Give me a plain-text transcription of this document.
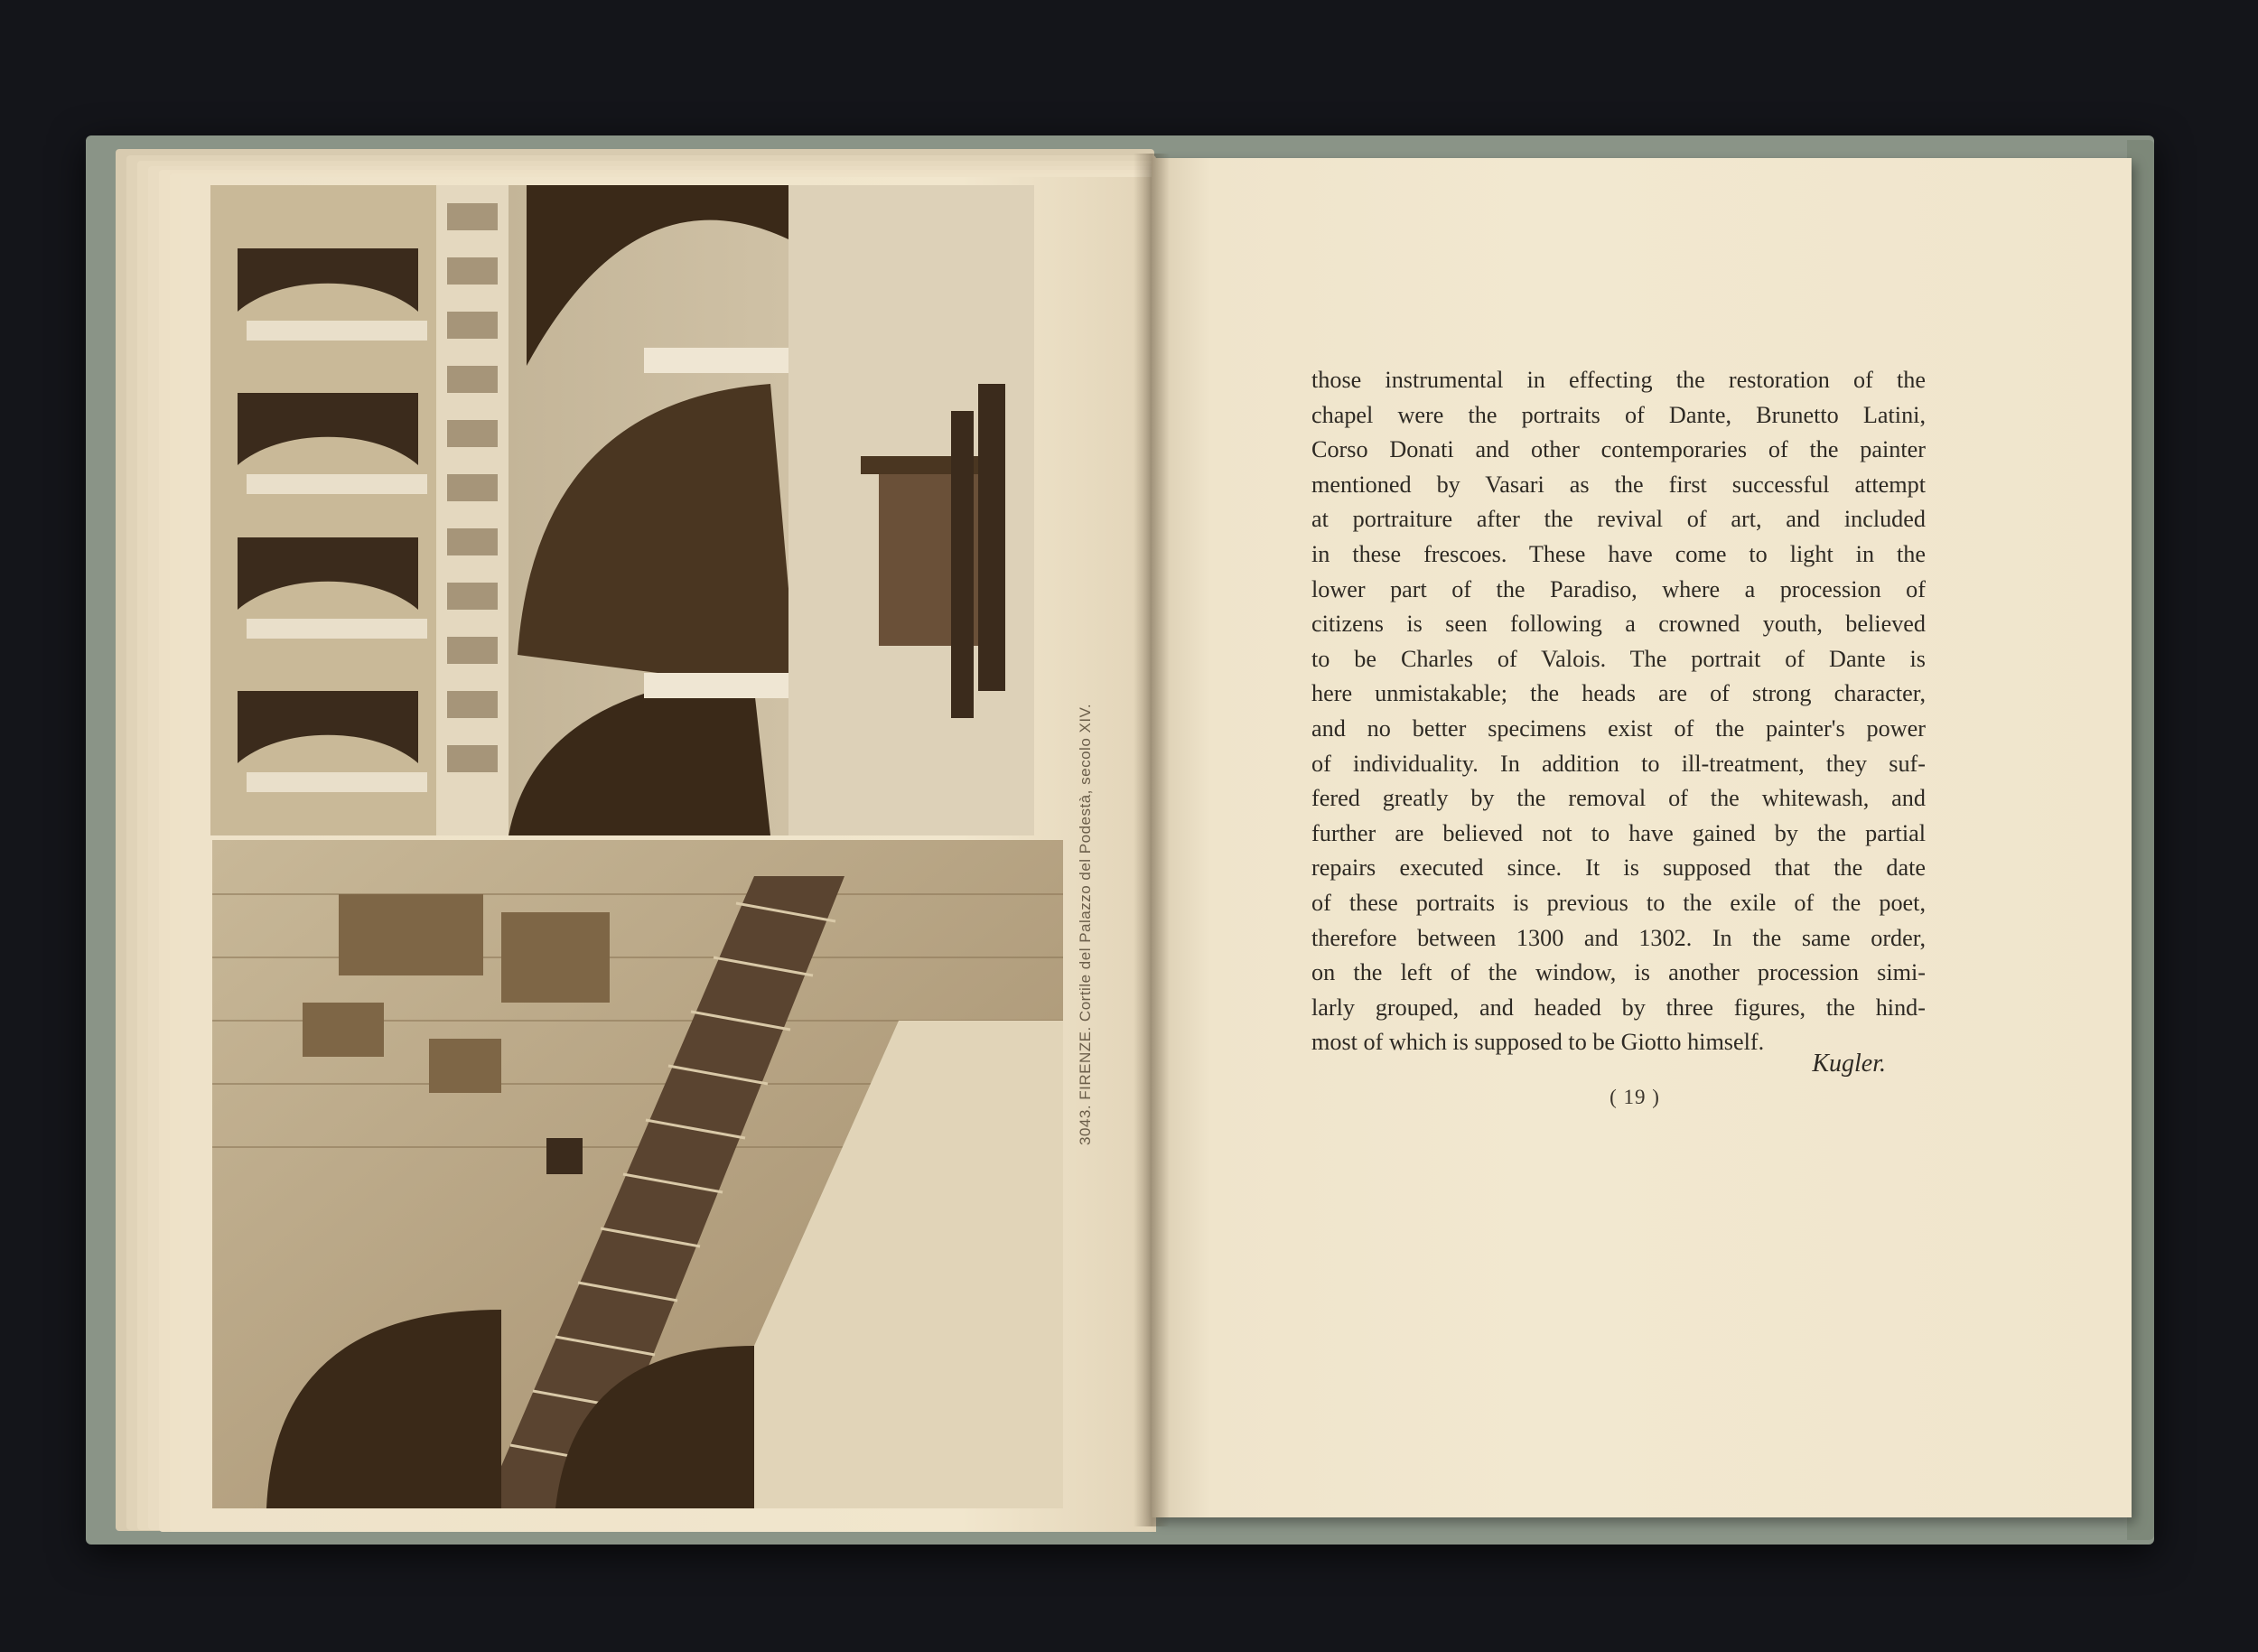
3043. FIRENZE. Cortile del Palazzo del Podestà, secolo XIV.
those instrumental in effecting the restoration of the
chapel were the portraits of Dante, Brunetto Latini,
Corso Donati and other contemporaries of the painter
mentioned by Vasari as the first successful attempt
at portraiture after the revival of art, and included
in these frescoes. These have come to light in the
lower part of the Paradiso, where a procession of
citizens is seen following a crowned youth, believed
to be Charles of Valois. The portrait of Dante is
here unmistakable; the heads are of strong character,
and no better specimens exist of the painter's power
of individuality. In addition to ill-treatment, they suf-
fered greatly by the removal of the whitewash, and
further are believed not to have gained by the partial
repairs executed since. It is supposed that the date
of these portraits is previous to the exile of the poet,
therefore between 1300 and 1302. In the same order,
on the left of the window, is another procession simi-
larly grouped, and headed by three figures, the hind-
most of which is supposed to be Giotto himself.
Kugler.
( 19 )
